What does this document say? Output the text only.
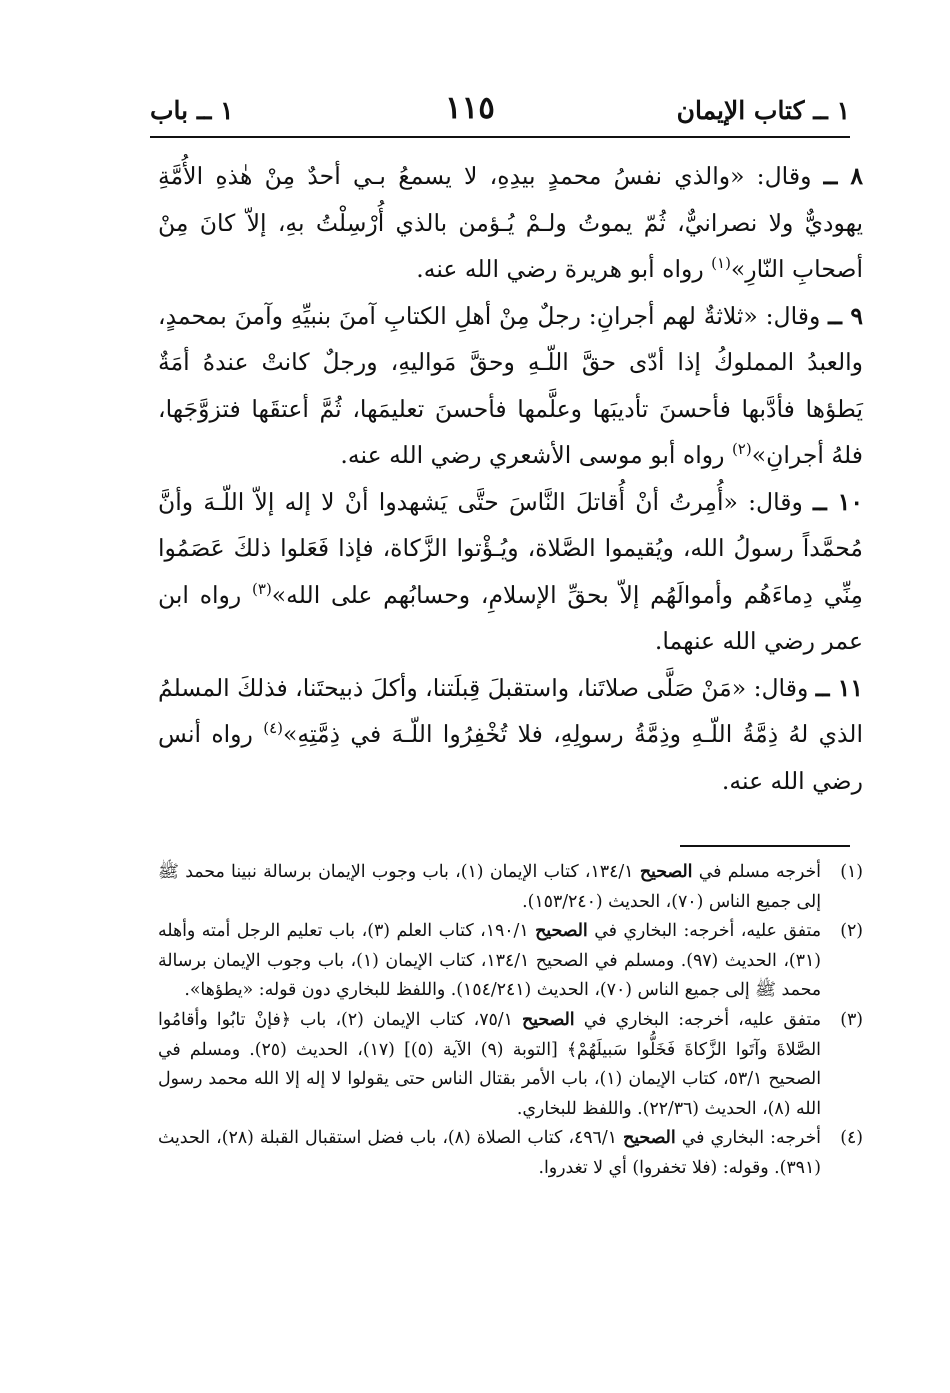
١ ــ كتاب الإيمان
١١٥
١ ــ باب

٨ ــ وقال: «والذي نفسُ محمدٍ بيدِهِ، لا يسمعُ بـي أحدٌ مِنْ هٰذهِ الأُمَّةِ يهوديٌّ ولا نصرانيٌّ، ثُمّ يموتُ ولـمْ يُـؤمن بالذي أُرْسِلْتُ بهِ، إلاّ كانَ مِنْ أصحابِ النّارِ»$^{(١)}$ رواه أبو هريرة رضي الله عنه.

٩ ــ وقال: «ثلاثةٌ لهم أجرانِ: رجلٌ مِنْ أهلِ الكتابِ آمنَ بنبيِّهِ وآمنَ بمحمدٍ، والعبدُ المملوكُ إذا أدّى حقَّ اللّـهِ وحقَّ مَواليهِ، ورجلٌ كانتْ عندهُ أمَةٌ يَطؤها فأدَّبها فأحسنَ تأديبَها وعلَّمها فأحسنَ تعليمَها، ثُمَّ أعتقَها فتزوَّجَها، فلهُ أجرانِ»$^{(٢)}$ رواه أبو موسى الأشعري رضي الله عنه.

١٠ ــ وقال: «أُمِرتُ أنْ أُقاتلَ النَّاسَ حتَّى يَشهدوا أنْ لا إله إلاّ اللّـهَ وأنَّ مُحمَّداً رسولُ الله، ويُقيموا الصَّلاة، ويُـؤْتوا الزَّكاة، فإذا فَعَلوا ذلكَ عَصَمُوا مِنِّي دِماءَهُم وأموالَهُم إلاّ بحقِّ الإسلامِ، وحسابُهم على الله»$^{(٣)}$ رواه ابن عمر رضي الله عنهما.

١١ ــ وقال: «مَنْ صَلَّى صلاتَنا، واستقبلَ قِبلَتنا، وأكلَ ذبيحتَنا، فذلكَ المسلمُ الذي لهُ ذِمَّةُ اللّـهِ وذِمَّةُ رسولِهِ، فلا تُخْفِرُوا اللّـهَ في ذِمَّتِهِ»$^{(٤)}$ رواه أنس رضي الله عنه.

(١)
أخرجه مسلم في الصحيح ١٣٤/١، كتاب الإيمان (١)، باب وجوب الإيمان برسالة نبينا محمد ﷺ إلى جميع الناس (٧٠)، الحديث (١٥٣/٢٤٠).
(٢)
متفق عليه، أخرجه: البخاري في الصحيح ١٩٠/١، كتاب العلم (٣)، باب تعليم الرجل أمته وأهله (٣١)، الحديث (٩٧). ومسلم في الصحيح ١٣٤/١، كتاب الإيمان (١)، باب وجوب الإيمان برسالة محمد ﷺ إلى جميع الناس (٧٠)، الحديث (١٥٤/٢٤١). واللفظ للبخاري دون قوله: «يطؤها».
(٣)
متفق عليه، أخرجه: البخاري في الصحيح ٧٥/١، كتاب الإيمان (٢)، باب ﴿فإنْ تابُوا وأقامُوا الصَّلاةَ وآتَوا الزَّكاةَ فَخَلُّوا سَبيلَهُمْ﴾ [التوبة (٩) الآية (٥)] (١٧)، الحديث (٢٥). ومسلم في الصحيح ٥٣/١، كتاب الإيمان (١)، باب الأمر بقتال الناس حتى يقولوا لا إله إلا الله محمد رسول الله (٨)، الحديث (٢٢/٣٦). واللفظ للبخاري.
(٤)
أخرجه: البخاري في الصحيح ٤٩٦/١، كتاب الصلاة (٨)، باب فضل استقبال القبلة (٢٨)، الحديث (٣٩١). وقوله: (فلا تخفروا) أي لا تغدروا.
